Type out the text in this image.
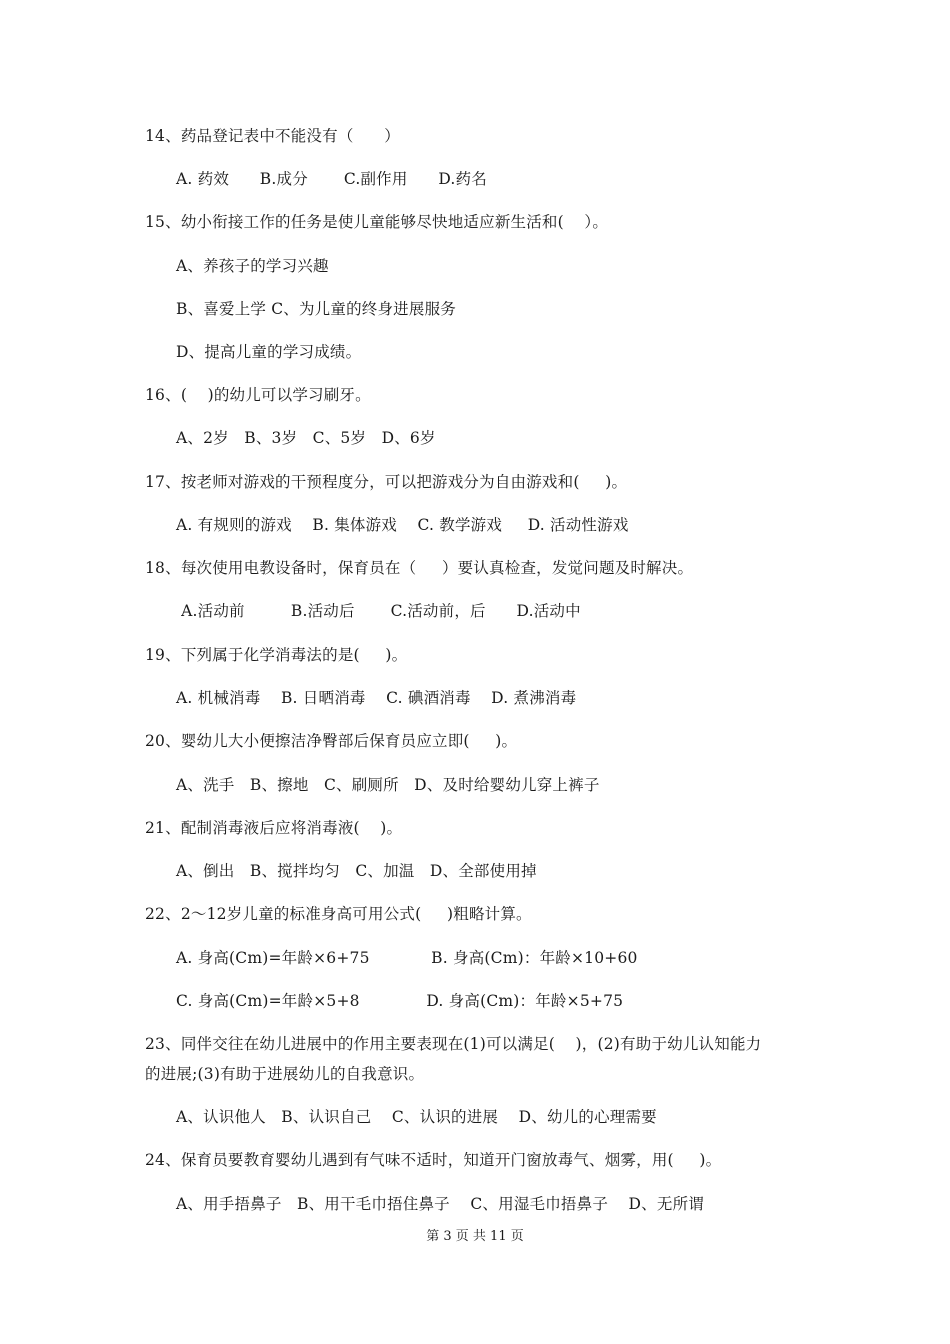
14、药品登记表中不能没有（      ）
A. 药效      B.成分       C.副作用      D.药名
15、幼小衔接工作的任务是使儿童能够尽快地适应新生活和(    ）。
A、养孩子的学习兴趣
B、喜爱上学 C、为儿童的终身进展服务
D、提高儿童的学习成绩。
16、(    )的幼儿可以学习刷牙。
A、2岁   B、3岁   C、5岁   D、6岁
17、按老师对游戏的干预程度分，可以把游戏分为自由游戏和(     )。
A. 有规则的游戏    B. 集体游戏    C. 教学游戏     D. 活动性游戏
18、每次使用电教设备时，保育员在（     ）要认真检查，发觉问题及时解决。
A.活动前         B.活动后       C.活动前，后      D.活动中
19、下列属于化学消毒法的是(     )。
A. 机械消毒    B. 日晒消毒    C. 碘酒消毒    D. 煮沸消毒
20、婴幼儿大小便擦洁净臀部后保育员应立即(     )。
A、洗手   B、擦地   C、刷厕所   D、及时给婴幼儿穿上裤子
21、配制消毒液后应将消毒液(    )。
A、倒出   B、搅拌均匀   C、加温   D、全部使用掉
22、2～12岁儿童的标准身高可用公式(     )粗略计算。
A. 身高(Cm)=年龄×6+75            B. 身高(Cm)：年龄×10+60
C. 身高(Cm)=年龄×5+8             D. 身高(Cm)：年龄×5+75
23、同伴交往在幼儿进展中的作用主要表现在(1)可以满足(    )，(2)有助于幼儿认知能力
的进展;(3)有助于进展幼儿的自我意识。
A、认识他人   B、认识自己    C、认识的进展    D、幼儿的心理需要
24、保育员要教育婴幼儿遇到有气味不适时，知道开门窗放毒气、烟雾，用(     )。
A、用手捂鼻子   B、用干毛巾捂住鼻子    C、用湿毛巾捂鼻子    D、无所谓
第 3 页 共 11 页
